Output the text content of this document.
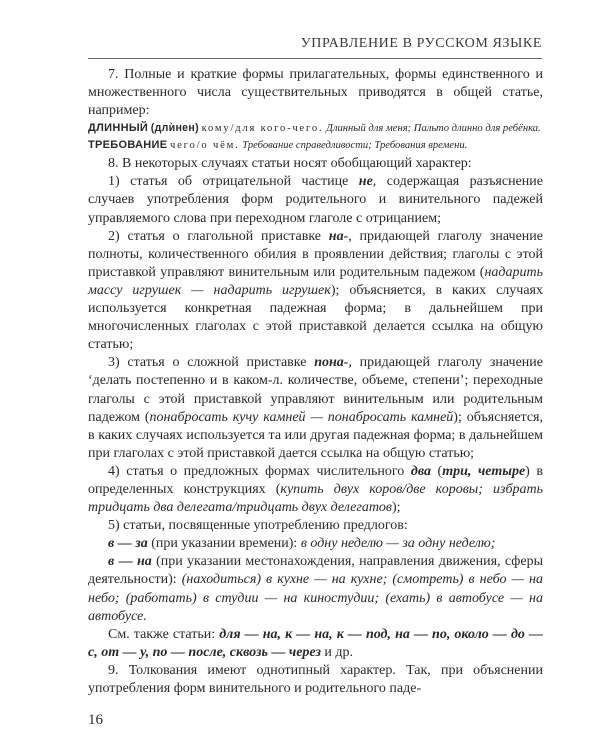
УПРАВЛЕНИЕ В РУССКОМ ЯЗЫКЕ

7. Полные и краткие формы прилагательных, формы единственного и множественного числа существительных приводятся в общей статье, например:

ДЛИННЫЙ (длѝнен) кому/для кого-чего. Длинный для меня; Пальто длинно для ребёнка.

ТРЕБОВАНИЕ чего/о чём. Требование справедливости; Требования времени.

8. В некоторых случаях статьи носят обобщающий характер:

1) статья об отрицательной частице не, содержащая разъяснение случаев употребления форм родительного и винительного падежей управляемого слова при переходном глаголе с отрицанием;

2) статья о глагольной приставке на-, придающей глаголу значение полноты, количественного обилия в проявлении действия; глаголы с этой приставкой управляют винительным или родительным падежом (надарить массу игрушек — надарить игрушек); объясняется, в каких случаях используется конкретная падежная форма; в дальнейшем при многочисленных глаголах с этой приставкой делается ссылка на общую статью;

3) статья о сложной приставке пона-, придающей глаголу значение ‘делать постепенно и в каком-л. количестве, объеме, степени’; переходные глаголы с этой приставкой управляют винительным или родительным падежом (понабросать кучу камней — понабросать камней); объясняется, в каких случаях используется та или другая падежная форма; в дальнейшем при глаголах с этой приставкой дается ссылка на общую статью;

4) статья о предложных формах числительного два (три, четыре) в определенных конструкциях (купить двух коров/две коровы; избрать тридцать два делегата/тридцать двух делегатов);

5) статьи, посвященные употреблению предлогов:

в — за (при указании времени): в одну неделю — за одну неделю;

в — на (при указании местонахождения, направления движения, сферы деятельности): (находиться) в кухне — на кухне; (смотреть) в небо — на небо; (работать) в студии — на киностудии; (ехать) в автобусе — на автобусе.

См. также статьи: для — на, к — на, к — под, на — по, около — до — с, от — у, по — после, сквозь — через и др.

9. Толкования имеют однотипный характер. Так, при объяснении употребления форм винительного и родительного паде-

16
